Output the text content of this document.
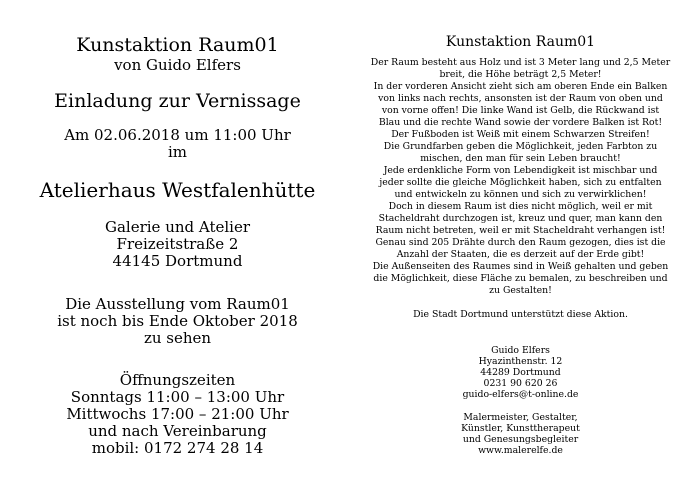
Kunstaktion Raum01
von Guido Elfers
Einladung zur Vernissage
Am 02.06.2018 um 11:00 Uhr
im
Atelierhaus Westfalenhütte
Galerie und Atelier
Freizeitstraße 2
44145 Dortmund
Die Ausstellung vom Raum01
ist noch bis Ende Oktober 2018
zu sehen
Öffnungszeiten
Sonntags 11:00 – 13:00 Uhr
Mittwochs 17:00 – 21:00 Uhr
und nach Vereinbarung
mobil: 0172 274 28 14
Kunstaktion Raum01
Der Raum besteht aus Holz und ist 3 Meter lang und 2,5 Meter
breit, die Höhe beträgt 2,5 Meter!
In der vorderen Ansicht zieht sich am oberen Ende ein Balken
von links nach rechts, ansonsten ist der Raum von oben und
von vorne offen! Die linke Wand ist Gelb, die Rückwand ist
Blau und die rechte Wand sowie der vordere Balken ist Rot!
Der Fußboden ist Weiß mit einem Schwarzen Streifen!
Die Grundfarben geben die Möglichkeit, jeden Farbton zu
mischen, den man für sein Leben braucht!
Jede erdenkliche Form von Lebendigkeit ist mischbar und
jeder sollte die gleiche Möglichkeit haben, sich zu entfalten
und entwickeln zu können und sich zu verwirklichen!
Doch in diesem Raum ist dies nicht möglich, weil er mit
Stacheldraht durchzogen ist, kreuz und quer, man kann den
Raum nicht betreten, weil er mit Stacheldraht verhangen ist!
Genau sind 205 Drähte durch den Raum gezogen, dies ist die
Anzahl der Staaten, die es derzeit auf der Erde gibt!
Die Außenseiten des Raumes sind in Weiß gehalten und geben
die Möglichkeit, diese Fläche zu bemalen, zu beschreiben und
zu Gestalten!
Die Stadt Dortmund unterstützt diese Aktion.
Guido Elfers
Hyazinthenstr. 12
44289 Dortmund
0231 90 620 26
guido-elfers@t-online.de
Malermeister, Gestalter,
Künstler, Kunsttherapeut
und Genesungsbegleiter
www.malerelfe.de
